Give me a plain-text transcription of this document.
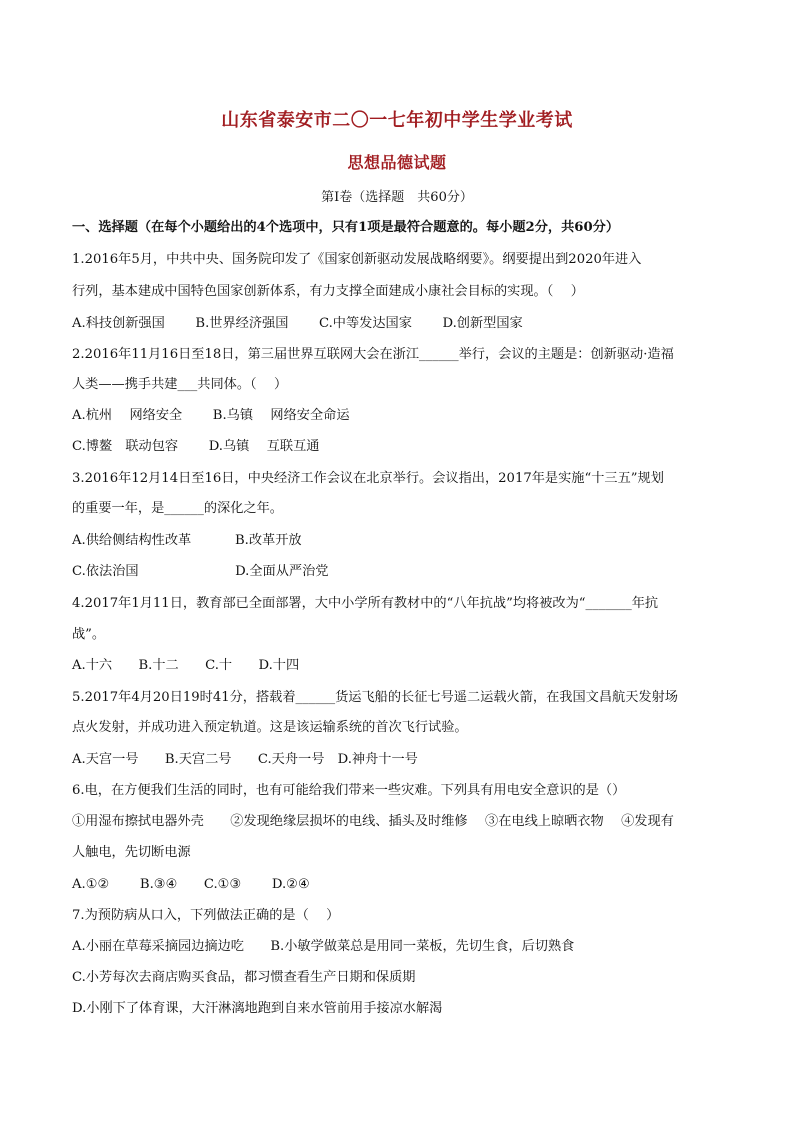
山东省泰安市二〇一七年初中学生学业考试
思想品德试题
第Ⅰ卷（选择题　共60分）
一、选择题（在每个小题给出的4个选项中，只有1项是最符合题意的。每小题2分，共60分）
1.2016年5月，中共中央、国务院印发了《国家创新驱动发展战略纲要》。纲要提出到2020年进入
行列，基本建成中国特色国家创新体系，有力支撑全面建成小康社会目标的实现。（　 ）
A.科技创新强国　　 B.世界经济强国　　 C.中等发达国家　　 D.创新型国家
2.2016年11月16日至18日，第三届世界互联网大会在浙江______举行，会议的主题是：创新驱动·造福
人类——携手共建___共同体。（　 ）
A.杭州　 网络安全　　 B.乌镇　 网络安全命运
C.博鳌　联动包容　　 D.乌镇　 互联互通
3.2016年12月14日至16日，中央经济工作会议在北京举行。会议指出，2017年是实施“十三五”规划
的重要一年，是______的深化之年。
A.供给侧结构性改革　　　 B.改革开放
C.依法治国　　　　　　　 D.全面从严治党
4.2017年1月11日，教育部已全面部署，大中小学所有教材中的“八年抗战”均将被改为“_______年抗
战”。
A.十六　　B.十二　　C.十　　D.十四
5.2017年4月20日19时41分，搭载着______货运飞船的长征七号遥二运载火箭，在我国文昌航天发射场
点火发射，并成功进入预定轨道。这是该运输系统的首次飞行试验。
A.天宫一号　　B.天宫二号　　C.天舟一号　D.神舟十一号
6.电，在方便我们生活的同时，也有可能给我们带来一些灾难。下列具有用电安全意识的是（）
①用湿布擦拭电器外壳　　②发现绝缘层损坏的电线、插头及时维修　 ③在电线上晾晒衣物　 ④发现有
人触电，先切断电源
A.①②　　 B.③④　　C.①③　　 D.②④
7.为预防病从口入，下列做法正确的是（　 ）
A.小丽在草莓采摘园边摘边吃　　B.小敏学做菜总是用同一菜板，先切生食，后切熟食
C.小芳每次去商店购买食品，都习惯查看生产日期和保质期
D.小刚下了体育课，大汗淋漓地跑到自来水管前用手接凉水解渴
